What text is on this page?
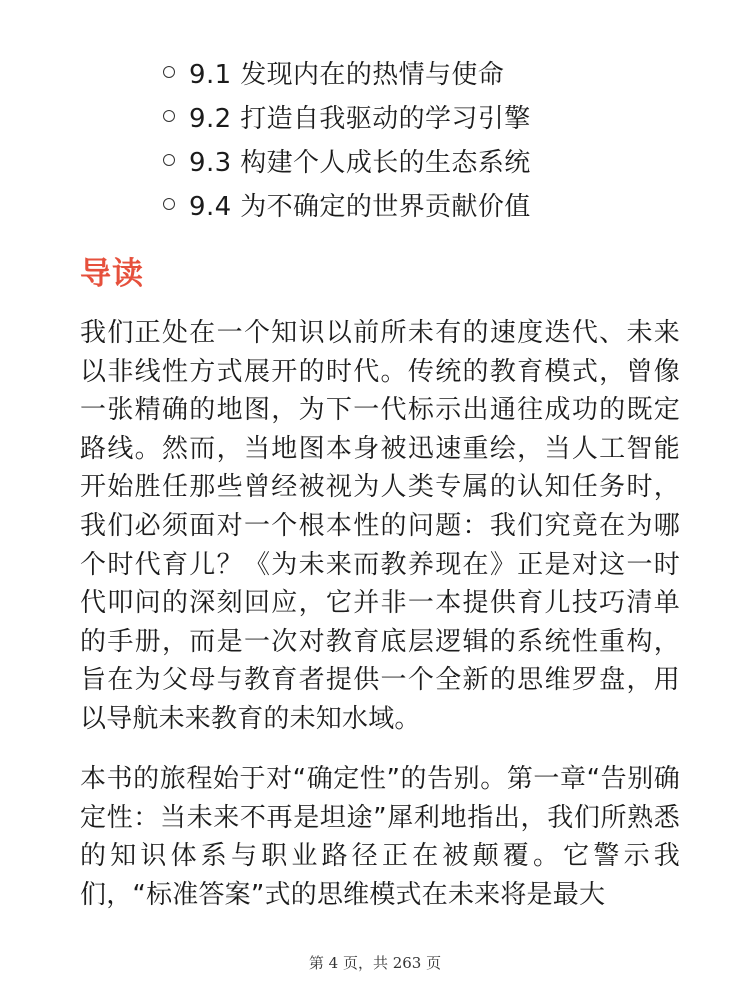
9.1 发现内在的热情与使命
9.2 打造自我驱动的学习引擎
9.3 构建个人成长的生态系统
9.4 为不确定的世界贡献价值
导读

我们正处在一个知识以前所未有的速度迭代、未来以非线性方式展开的时代。传统的教育模式，曾像一张精确的地图，为下一代标示出通往成功的既定路线。然而，当地图本身被迅速重绘，当人工智能开始胜任那些曾经被视为人类专属的认知任务时，我们必须面对一个根本性的问题：我们究竟在为哪个时代育儿？《为未来而教养现在》正是对这一时代叩问的深刻回应，它并非一本提供育儿技巧清单的手册，而是一次对教育底层逻辑的系统性重构，旨在为父母与教育者提供一个全新的思维罗盘，用以导航未来教育的未知水域。

本书的旅程始于对“确定性”的告别。第一章“告别确定性：当未来不再是坦途”犀利地指出，我们所熟悉的知识体系与职业路径正在被颠覆。它警示我们，“标准答案”式的思维模式在未来将是最大

第 4 页，共 263 页
